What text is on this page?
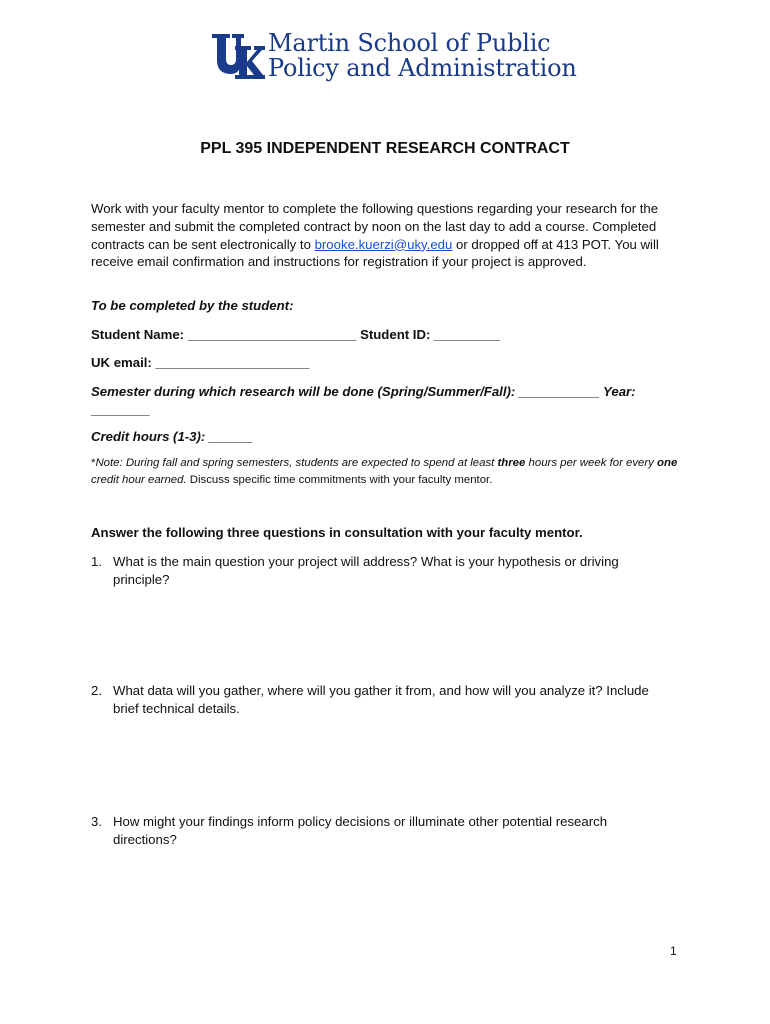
Martin School of Public
Policy and Administration
PPL 395 INDEPENDENT RESEARCH CONTRACT
Work with your faculty mentor to complete the following questions regarding your research for the semester and submit the completed contract by noon on the last day to add a course. Completed contracts can be sent electronically to brooke.kuerzi@uky.edu or dropped off at 413 POT. You will receive email confirmation and instructions for registration if your project is approved.
To be completed by the student:
Student Name: _______________________ Student ID: _________
UK email: _____________________
Semester during which research will be done (Spring/Summer/Fall): ___________ Year:
________
Credit hours (1-3): ______
*Note: During fall and spring semesters, students are expected to spend at least three hours per week for every one credit hour earned. Discuss specific time commitments with your faculty mentor.
Answer the following three questions in consultation with your faculty mentor.
1. What is the main question your project will address? What is your hypothesis or driving principle?
2. What data will you gather, where will you gather it from, and how will you analyze it? Include brief technical details.
3. How might your findings inform policy decisions or illuminate other potential research directions?
1
